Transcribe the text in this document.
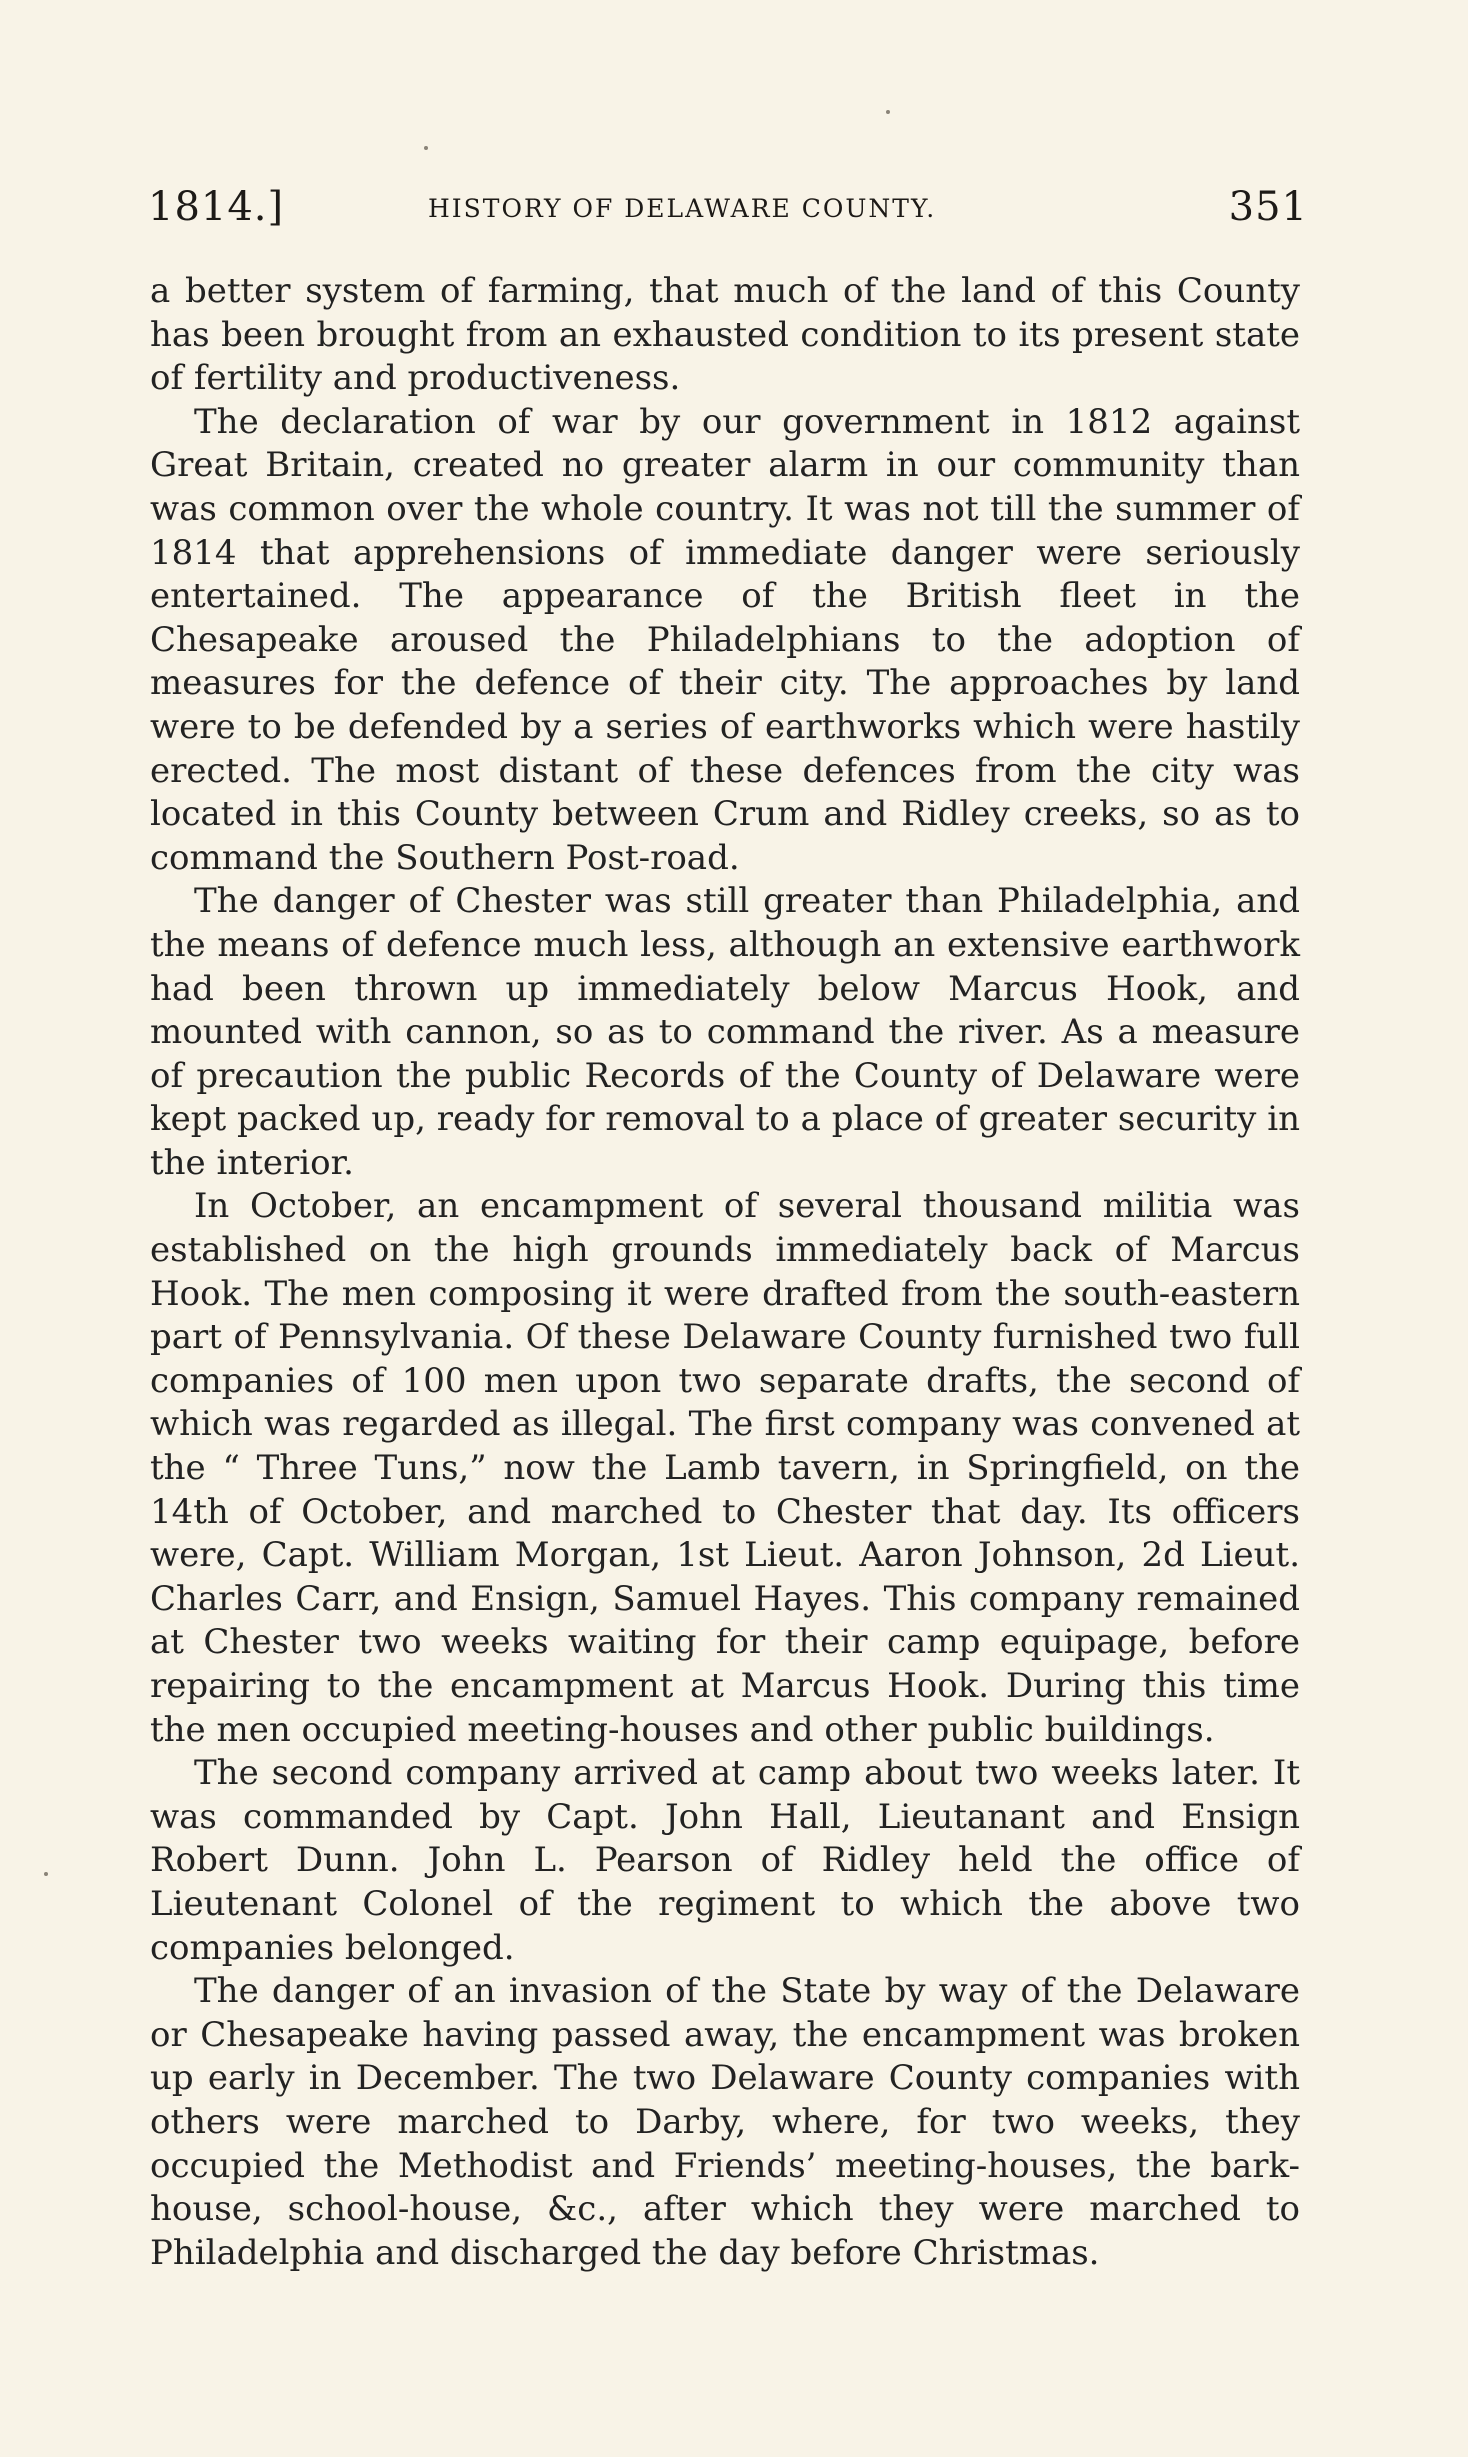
1814.]	HISTORY OF DELAWARE COUNTY.	351

a better system of farming, that much of the land of this County has been brought from an exhausted condition to its present state of fertility and productiveness.

The declaration of war by our government in 1812 against Great Britain, created no greater alarm in our community than was common over the whole country. It was not till the summer of 1814 that apprehensions of immediate danger were seriously entertained. The appearance of the British fleet in the Chesapeake aroused the Philadelphians to the adoption of measures for the defence of their city. The approaches by land were to be defended by a series of earthworks which were hastily erected. The most distant of these defences from the city was located in this County between Crum and Ridley creeks, so as to command the Southern Post-road.

The danger of Chester was still greater than Philadelphia, and the means of defence much less, although an extensive earthwork had been thrown up immediately below Marcus Hook, and mounted with cannon, so as to command the river. As a measure of precaution the public Records of the County of Delaware were kept packed up, ready for removal to a place of greater security in the interior.

In October, an encampment of several thousand militia was established on the high grounds immediately back of Marcus Hook. The men composing it were drafted from the south-eastern part of Pennsylvania. Of these Delaware County furnished two full companies of 100 men upon two separate drafts, the second of which was regarded as illegal. The first company was convened at the “ Three Tuns,” now the Lamb tavern, in Springfield, on the 14th of October, and marched to Chester that day. Its officers were, Capt. William Morgan, 1st Lieut. Aaron Johnson, 2d Lieut. Charles Carr, and Ensign, Samuel Hayes. This company remained at Chester two weeks waiting for their camp equipage, before repairing to the encampment at Marcus Hook. During this time the men occupied meeting-houses and other public buildings.

The second company arrived at camp about two weeks later. It was commanded by Capt. John Hall, Lieutanant and Ensign Robert Dunn. John L. Pearson of Ridley held the office of Lieutenant Colonel of the regiment to which the above two companies belonged.

The danger of an invasion of the State by way of the Delaware or Chesapeake having passed away, the encampment was broken up early in December. The two Delaware County companies with others were marched to Darby, where, for two weeks, they occupied the Methodist and Friends’ meeting-houses, the bark-house, school-house, &c., after which they were marched to Philadelphia and discharged the day before Christmas.
